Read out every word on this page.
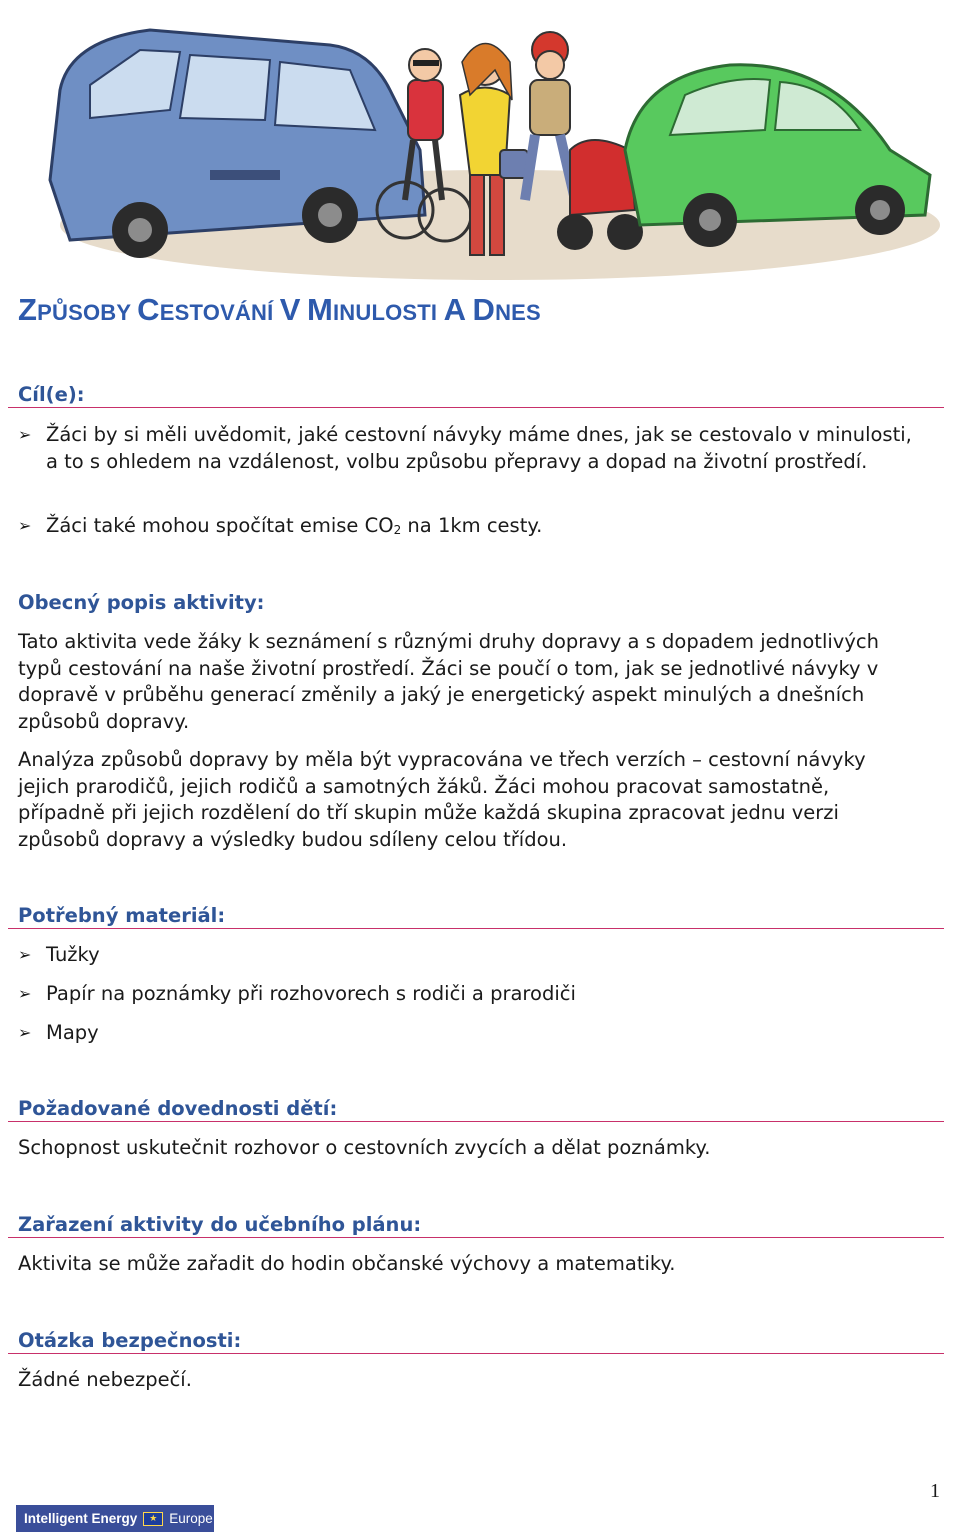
ZPŮSOBY CESTOVÁNÍ V MINULOSTI A DNES
Cíl(e):
➢ Žáci by si měli uvědomit, jaké cestovní návyky máme dnes, jak se cestovalo v minulosti, a to s ohledem na vzdálenost, volbu způsobu přepravy a dopad na životní prostředí.
➢ Žáci také mohou spočítat emise $CO_2$ na 1km cesty.
Obecný popis aktivity:
Tato aktivita vede žáky k seznámení s různými druhy dopravy a s dopadem jednotlivých typů cestování na naše životní prostředí. Žáci se poučí o tom, jak se jednotlivé návyky v dopravě v průběhu generací změnily a jaký je energetický aspekt minulých a dnešních způsobů dopravy.
Analýza způsobů dopravy by měla být vypracována ve třech verzích – cestovní návyky jejich prarodičů, jejich rodičů a samotných žáků. Žáci mohou pracovat samostatně, případně při jejich rozdělení do tří skupin může každá skupina zpracovat jednu verzi způsobů dopravy a výsledky budou sdíleny celou třídou.
Potřebný materiál:
➢ Tužky
➢ Papír na poznámky při rozhovorech s rodiči a prarodiči
➢ Mapy
Požadované dovednosti dětí:
Schopnost uskutečnit rozhovor o cestovních zvycích a dělat poznámky.
Zařazení aktivity do učebního plánu:
Aktivita se může zařadit do hodin občanské výchovy a matematiky.
Otázka bezpečnosti:
Žádné nebezpečí.
1
Intelligent Energy	★ Europe
